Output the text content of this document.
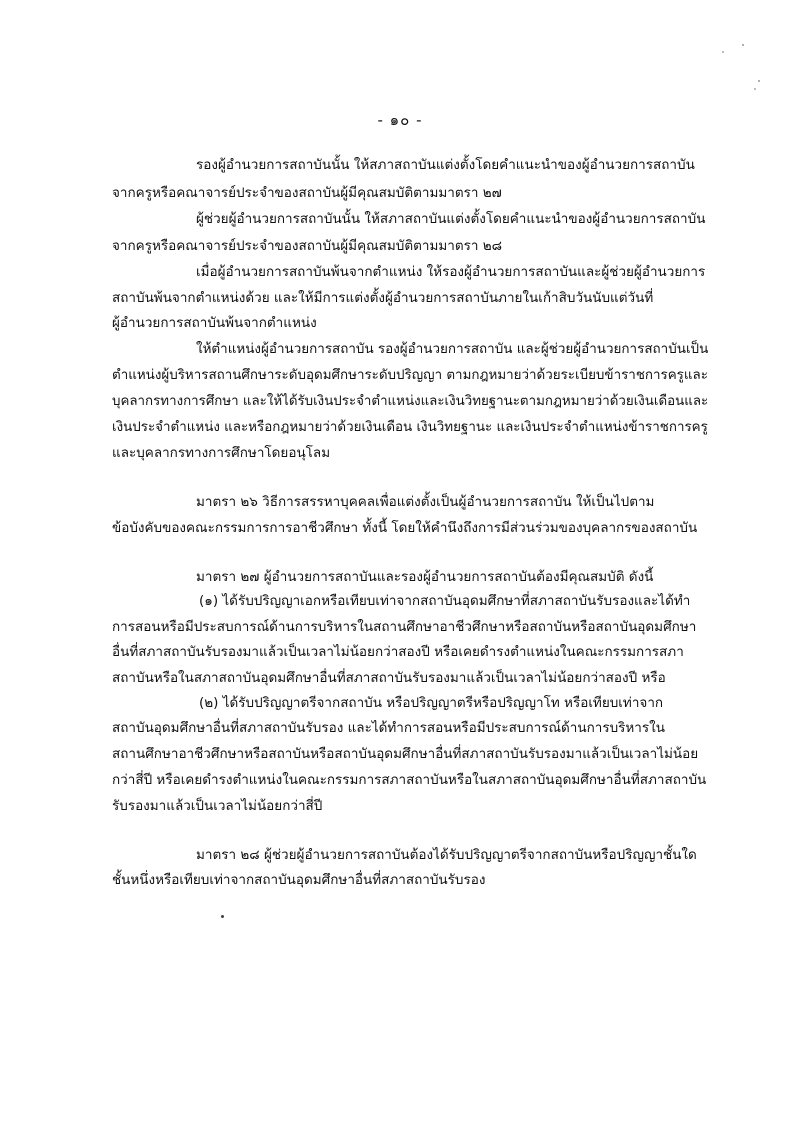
- ๑๐ -

รองผู้อำนวยการสถาบันนั้น ให้สภาสถาบันแต่งตั้งโดยคำแนะนำของผู้อำนวยการสถาบัน

จากครูหรือคณาจารย์ประจำของสถาบันผู้มีคุณสมบัติตามมาตรา ๒๗

ผู้ช่วยผู้อำนวยการสถาบันนั้น ให้สภาสถาบันแต่งตั้งโดยคำแนะนำของผู้อำนวยการสถาบัน

จากครูหรือคณาจารย์ประจำของสถาบันผู้มีคุณสมบัติตามมาตรา ๒๘

เมื่อผู้อำนวยการสถาบันพ้นจากตำแหน่ง ให้รองผู้อำนวยการสถาบันและผู้ช่วยผู้อำนวยการ

สถาบันพ้นจากตำแหน่งด้วย และให้มีการแต่งตั้งผู้อำนวยการสถาบันภายในเก้าสิบวันนับแต่วันที่

ผู้อำนวยการสถาบันพ้นจากตำแหน่ง

ให้ตำแหน่งผู้อำนวยการสถาบัน รองผู้อำนวยการสถาบัน และผู้ช่วยผู้อำนวยการสถาบันเป็น

ตำแหน่งผู้บริหารสถานศึกษาระดับอุดมศึกษาระดับปริญญา ตามกฎหมายว่าด้วยระเบียบข้าราชการครูและ

บุคลากรทางการศึกษา และให้ได้รับเงินประจำตำแหน่งและเงินวิทยฐานะตามกฎหมายว่าด้วยเงินเดือนและ

เงินประจำตำแหน่ง และหรือกฎหมายว่าด้วยเงินเดือน เงินวิทยฐานะ และเงินประจำตำแหน่งข้าราชการครู

และบุคลากรทางการศึกษาโดยอนุโลม

มาตรา ๒๖ วิธีการสรรหาบุคคลเพื่อแต่งตั้งเป็นผู้อำนวยการสถาบัน ให้เป็นไปตาม

ข้อบังคับของคณะกรรมการการอาชีวศึกษา ทั้งนี้ โดยให้คำนึงถึงการมีส่วนร่วมของบุคลากรของสถาบัน

มาตรา ๒๗ ผู้อำนวยการสถาบันและรองผู้อำนวยการสถาบันต้องมีคุณสมบัติ ดังนี้

(๑) ได้รับปริญญาเอกหรือเทียบเท่าจากสถาบันอุดมศึกษาที่สภาสถาบันรับรองและได้ทำ

การสอนหรือมีประสบการณ์ด้านการบริหารในสถานศึกษาอาชีวศึกษาหรือสถาบันหรือสถาบันอุดมศึกษา

อื่นที่สภาสถาบันรับรองมาแล้วเป็นเวลาไม่น้อยกว่าสองปี หรือเคยดำรงตำแหน่งในคณะกรรมการสภา

สถาบันหรือในสภาสถาบันอุดมศึกษาอื่นที่สภาสถาบันรับรองมาแล้วเป็นเวลาไม่น้อยกว่าสองปี หรือ

(๒) ได้รับปริญญาตรีจากสถาบัน หรือปริญญาตรีหรือปริญญาโท หรือเทียบเท่าจาก

สถาบันอุดมศึกษาอื่นที่สภาสถาบันรับรอง และได้ทำการสอนหรือมีประสบการณ์ด้านการบริหารใน

สถานศึกษาอาชีวศึกษาหรือสถาบันหรือสถาบันอุดมศึกษาอื่นที่สภาสถาบันรับรองมาแล้วเป็นเวลาไม่น้อย

กว่าสี่ปี หรือเคยดำรงตำแหน่งในคณะกรรมการสภาสถาบันหรือในสภาสถาบันอุดมศึกษาอื่นที่สภาสถาบัน

รับรองมาแล้วเป็นเวลาไม่น้อยกว่าสี่ปี

มาตรา ๒๘ ผู้ช่วยผู้อำนวยการสถาบันต้องได้รับปริญญาตรีจากสถาบันหรือปริญญาชั้นใด

ชั้นหนึ่งหรือเทียบเท่าจากสถาบันอุดมศึกษาอื่นที่สภาสถาบันรับรอง
